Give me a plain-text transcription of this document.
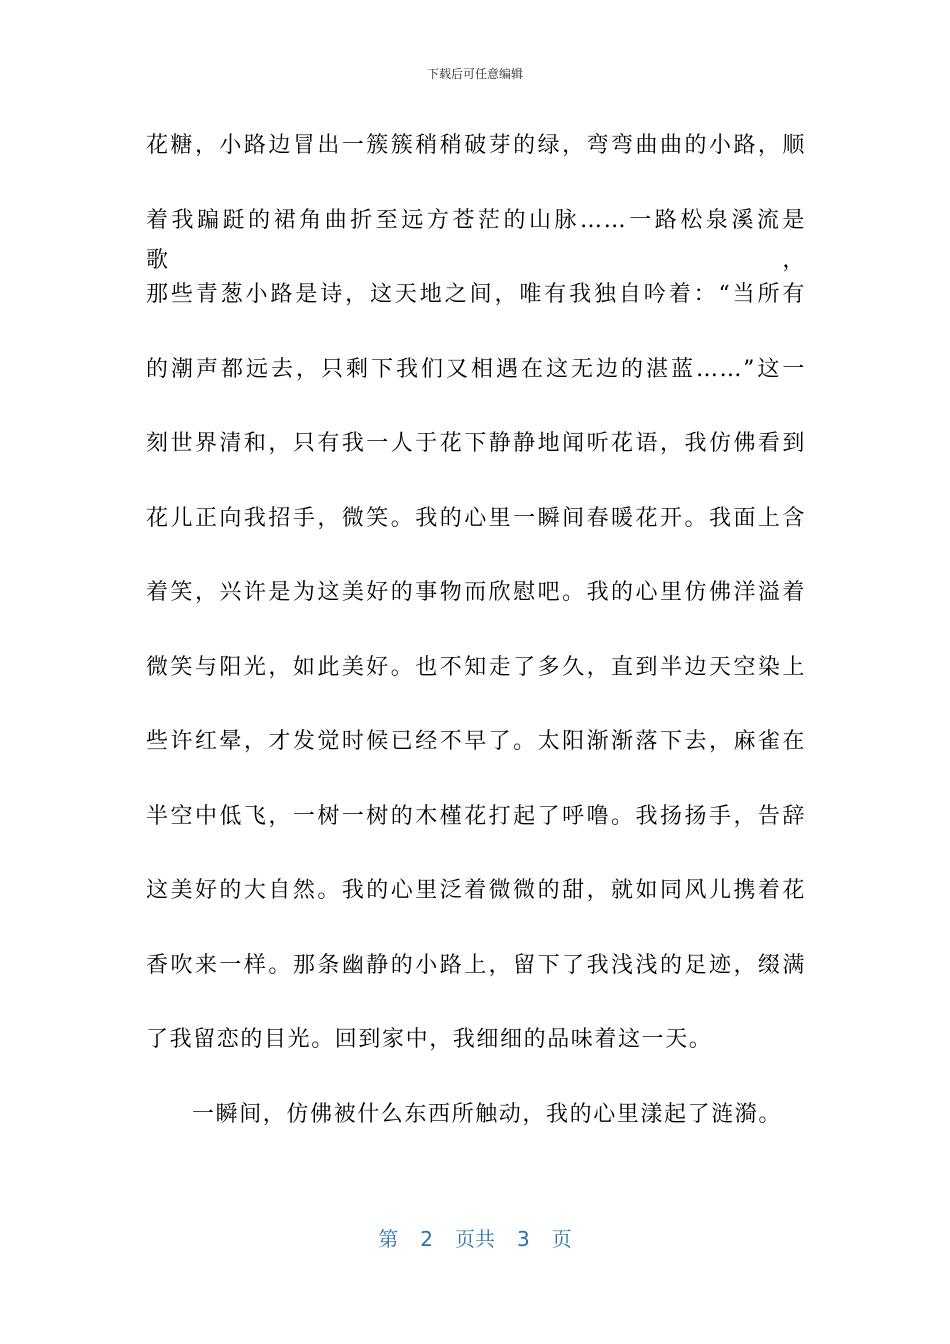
下载后可任意编辑
花糖，小路边冒出一簇簇稍稍破芽的绿，弯弯曲曲的小路，顺
着我蹁跹的裙角曲折至远方苍茫的山脉……一路松泉溪流是歌，
那些青葱小路是诗，这天地之间，唯有我独自吟着：“当所有
的潮声都远去，只剩下我们又相遇在这无边的湛蓝……”这一
刻世界清和，只有我一人于花下静静地闻听花语，我仿佛看到
花儿正向我招手，微笑。我的心里一瞬间春暖花开。我面上含
着笑，兴许是为这美好的事物而欣慰吧。我的心里仿佛洋溢着
微笑与阳光，如此美好。也不知走了多久，直到半边天空染上
些许红晕，才发觉时候已经不早了。太阳渐渐落下去，麻雀在
半空中低飞，一树一树的木槿花打起了呼噜。我扬扬手，告辞
这美好的大自然。我的心里泛着微微的甜，就如同风儿携着花
香吹来一样。那条幽静的小路上，留下了我浅浅的足迹，缀满
了我留恋的目光。回到家中，我细细的品味着这一天。
一瞬间，仿佛被什么东西所触动，我的心里漾起了涟漪。
第 2 页共 3 页
